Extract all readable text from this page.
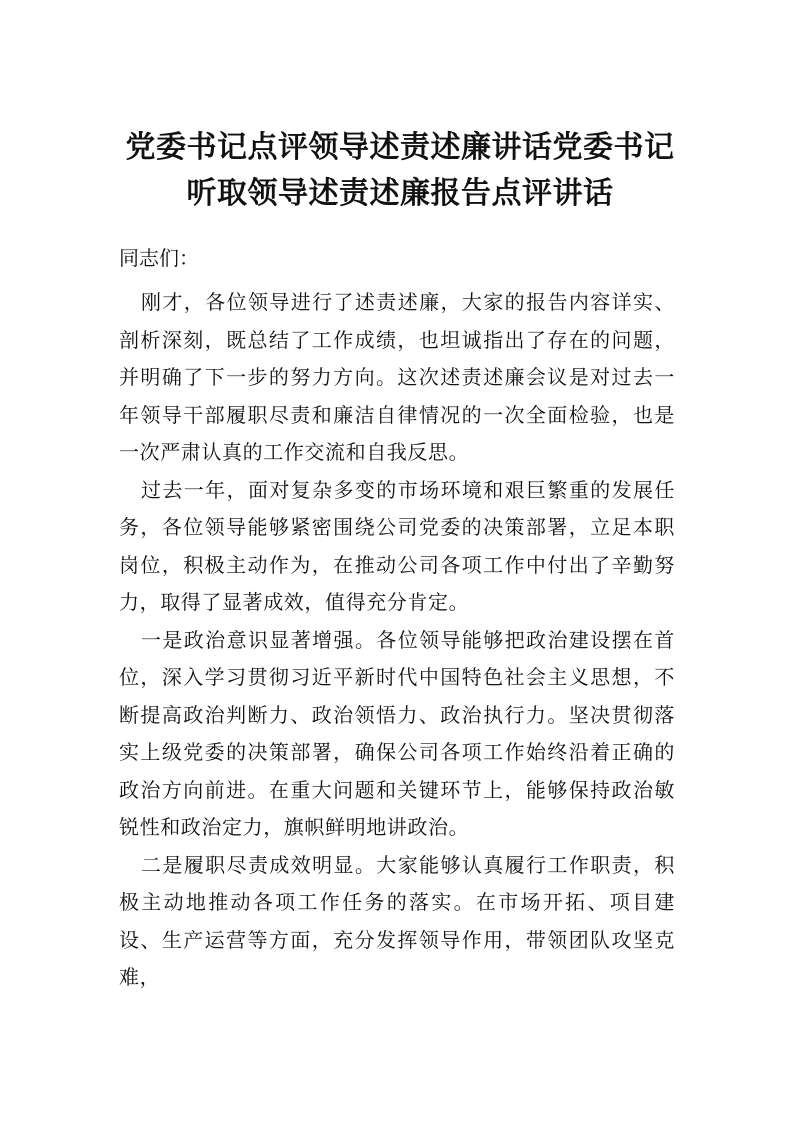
党委书记点评领导述责述廉讲话党委书记
听取领导述责述廉报告点评讲话

同志们：

刚才，各位领导进行了述责述廉，大家的报告内容详实、剖析深刻，既总结了工作成绩，也坦诚指出了存在的问题，并明确了下一步的努力方向。这次述责述廉会议是对过去一年领导干部履职尽责和廉洁自律情况的一次全面检验，也是一次严肃认真的工作交流和自我反思。

过去一年，面对复杂多变的市场环境和艰巨繁重的发展任务，各位领导能够紧密围绕公司党委的决策部署，立足本职岗位，积极主动作为，在推动公司各项工作中付出了辛勤努力，取得了显著成效，值得充分肯定。

一是政治意识显著增强。各位领导能够把政治建设摆在首位，深入学习贯彻习近平新时代中国特色社会主义思想，不断提高政治判断力、政治领悟力、政治执行力。坚决贯彻落实上级党委的决策部署，确保公司各项工作始终沿着正确的政治方向前进。在重大问题和关键环节上，能够保持政治敏锐性和政治定力，旗帜鲜明地讲政治。

二是履职尽责成效明显。大家能够认真履行工作职责，积极主动地推动各项工作任务的落实。在市场开拓、项目建设、生产运营等方面，充分发挥领导作用，带领团队攻坚克难，
